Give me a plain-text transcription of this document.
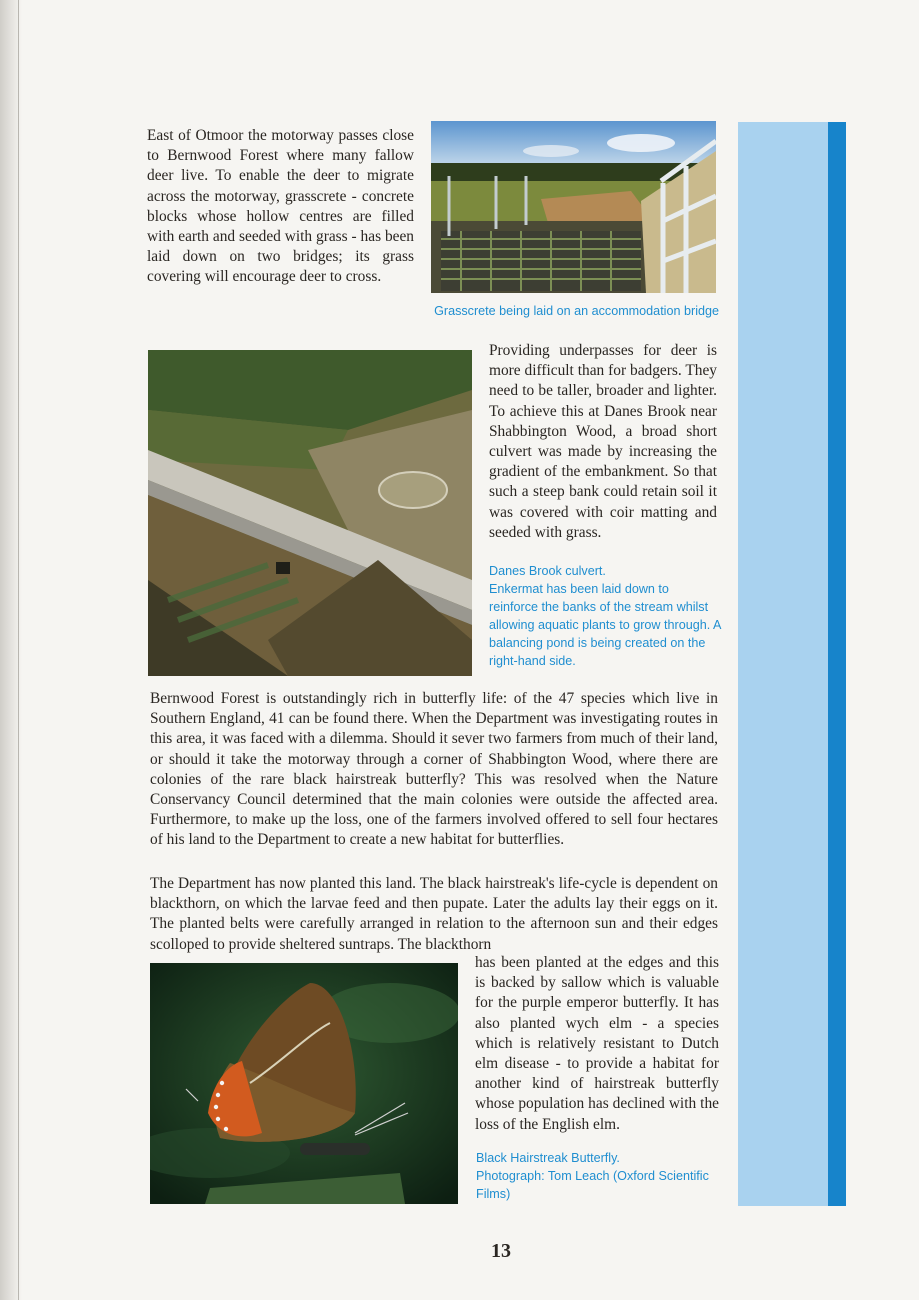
East of Otmoor the motorway passes close to Bernwood Forest where many fallow deer live. To enable the deer to migrate across the motorway, grasscrete - concrete blocks whose hollow centres are filled with earth and seeded with grass - has been laid down on two bridges; its grass covering will encourage deer to cross.

Grasscrete being laid on an accommodation bridge

Providing underpasses for deer is more difficult than for badgers. They need to be taller, broader and lighter. To achieve this at Danes Brook near Shabbington Wood, a broad short culvert was made by increasing the gradient of the embankment. So that such a steep bank could retain soil it was covered with coir matting and seeded with grass.

Danes Brook culvert.

Enkermat has been laid down to reinforce the banks of the stream whilst allowing aquatic plants to grow through. A balancing pond is being created on the right-hand side.

Bernwood Forest is outstandingly rich in butterfly life: of the 47 species which live in Southern England, 41 can be found there. When the Department was investigating routes in this area, it was faced with a dilemma. Should it sever two farmers from much of their land, or should it take the motorway through a corner of Shabbington Wood, where there are colonies of the rare black hairstreak butterfly? This was resolved when the Nature Conservancy Council determined that the main colonies were outside the affected area. Furthermore, to make up the loss, one of the farmers involved offered to sell four hectares of his land to the Department to create a new habitat for butterflies.

The Department has now planted this land. The black hairstreak's life-cycle is dependent on blackthorn, on which the larvae feed and then pupate. Later the adults lay their eggs on it. The planted belts were carefully arranged in relation to the afternoon sun and their edges scolloped to provide sheltered suntraps. The blackthorn

has been planted at the edges and this is backed by sallow which is valuable for the purple emperor butterfly. It has also planted wych elm - a species which is relatively resistant to Dutch elm disease - to provide a habitat for another kind of hairstreak butterfly whose population has declined with the loss of the English elm.

Black Hairstreak Butterfly.

Photograph: Tom Leach (Oxford Scientific Films)

13
